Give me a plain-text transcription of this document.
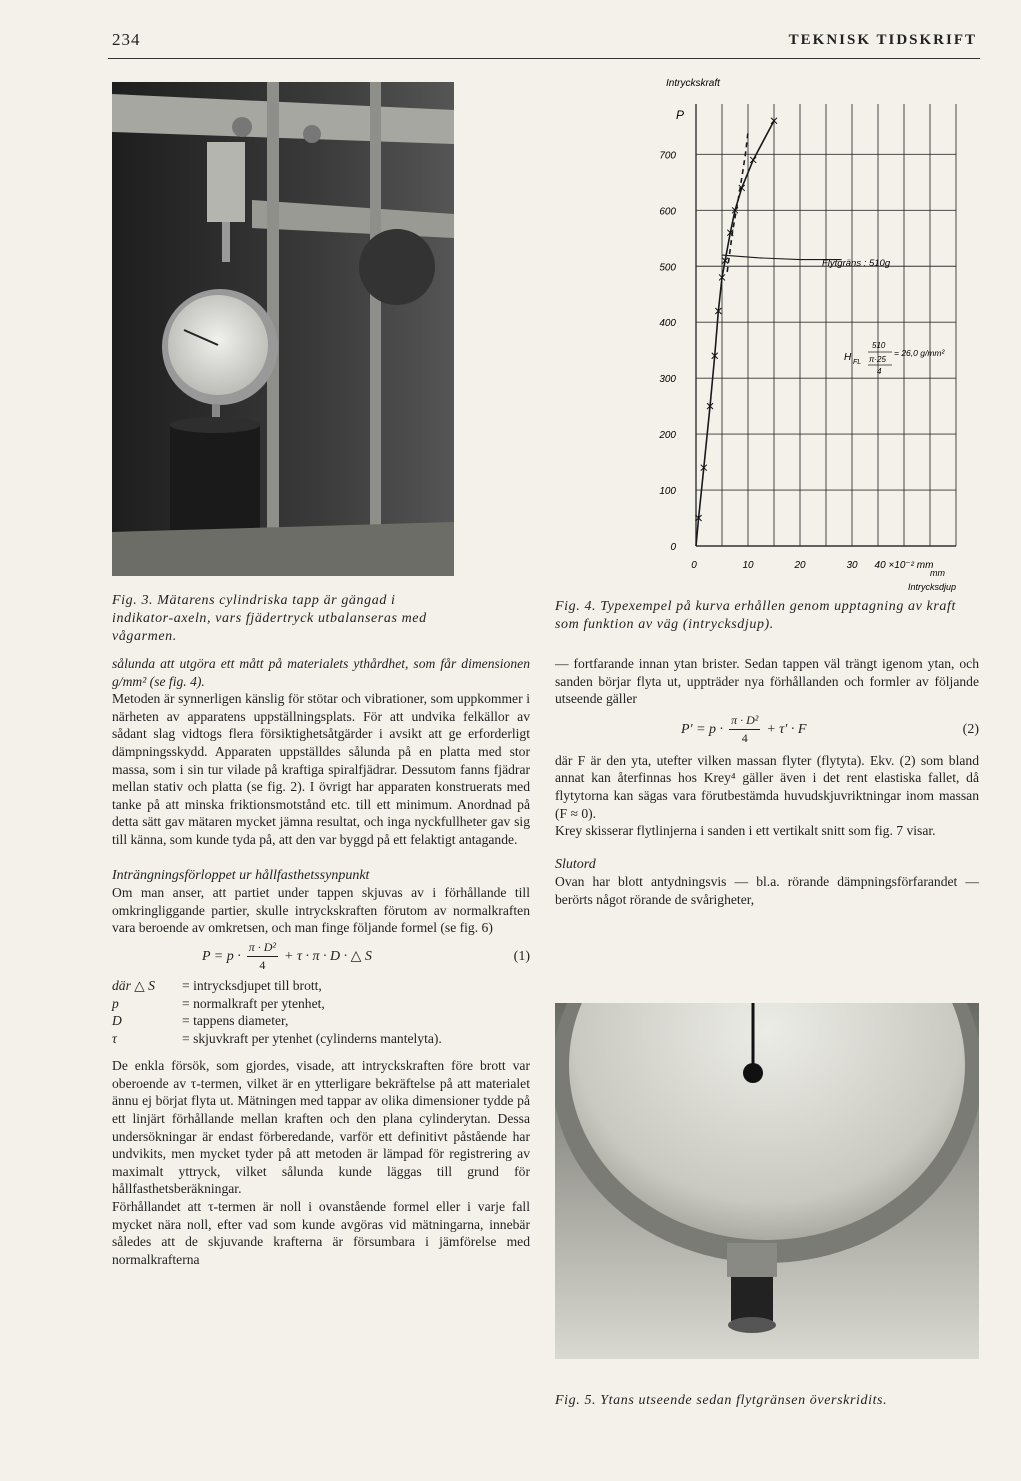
234	TEKNISK TIDSKRIFT
Fig. 3. Mätarens cylindriska tapp är gängad i indikator-axeln, vars fjädertryck utbalanseras med vågarmen.
Intryckskraft
P
0
100
200
300
400
500
600
700
0	10	20	30 40 ×10⁻² mm
mm
Intrycksdjup
Flytgräns : 510g
H FL
510
π·25
4
= 26,0 g/mm²
Fig. 4. Typexempel på kurva erhållen genom upptagning av kraft som funktion av väg (intrycksdjup).

sålunda att utgöra ett mått på materialets ythårdhet, som får dimensionen g/mm² (se fig. 4).

Metoden är synnerligen känslig för stötar och vibrationer, som uppkommer i närheten av apparatens uppställningsplats. För att undvika felkällor av sådant slag vidtogs flera försiktighetsåtgärder i avsikt att ge erforderligt dämpningsskydd. Apparaten uppställdes sålunda på en platta med stor massa, som i sin tur vilade på kraftiga spiralfjädrar. Dessutom fanns fjädrar mellan stativ och platta (se fig. 2). I övrigt har apparaten konstruerats med tanke på att minska friktionsmotstånd etc. till ett minimum. Anordnad på detta sätt gav mätaren mycket jämna resultat, och inga nyckfullheter gav sig till känna, som kunde tyda på, att den var byggd på ett felaktigt antagande.

Inträngningsförloppet ur hållfasthetssynpunkt

Om man anser, att partiet under tappen skjuvas av i förhållande till omkringliggande partier, skulle intryckskraften förutom av normalkraften vara beroende av omkretsen, och man finge följande formel (se fig. 6)

$P = p \cdot \frac{\text{π · D²}}{4} + \tau \cdot \pi \cdot D$ · △ S	(1)
där △ S	= intrycksdjupet till brott,
p	= normalkraft per ytenhet,
D	= tappens diameter,
τ	= skjuvkraft per ytenhet (cylinderns mantelyta).

De enkla försök, som gjordes, visade, att intryckskraften före brott var oberoende av τ-termen, vilket är en ytterligare bekräftelse på att materialet ännu ej börjat flyta ut. Mätningen med tappar av olika dimensioner tydde på ett linjärt förhållande mellan kraften och den plana cylinderytan. Dessa undersökningar är endast förberedande, varför ett definitivt påstående har undvikits, men mycket tyder på att metoden är lämpad för registrering av maximalt yttryck, vilket sålunda kunde läggas till grund för hållfasthetsberäkningar.

Förhållandet att τ-termen är noll i ovanstående formel eller i varje fall mycket nära noll, efter vad som kunde avgöras vid mätningarna, innebär således att de skjuvande krafterna är försumbara i jämförelse med normalkrafterna

— fortfarande innan ytan brister. Sedan tappen väl trängt igenom ytan, och sanden börjar flyta ut, uppträder nya förhållanden och formler av följande utseende gäller

$P' = p \cdot \frac{\text{π · D²}}{4} + \tau' \cdot F$	(2)

där F är den yta, utefter vilken massan flyter (flytyta). Ekv. (2) som bland annat kan återfinnas hos Krey⁴ gäller även i det rent elastiska fallet, då flytytorna kan sägas vara förutbestämda huvudskjuvriktningar inom massan (F ≈ 0).

Krey skisserar flytlinjerna i sanden i ett vertikalt snitt som fig. 7 visar.

Slutord

Ovan har blott antydningsvis — bl.a. rörande dämpningsförfarandet — berörts något rörande de svårigheter,

Fig. 5. Ytans utseende sedan flytgränsen överskridits.
